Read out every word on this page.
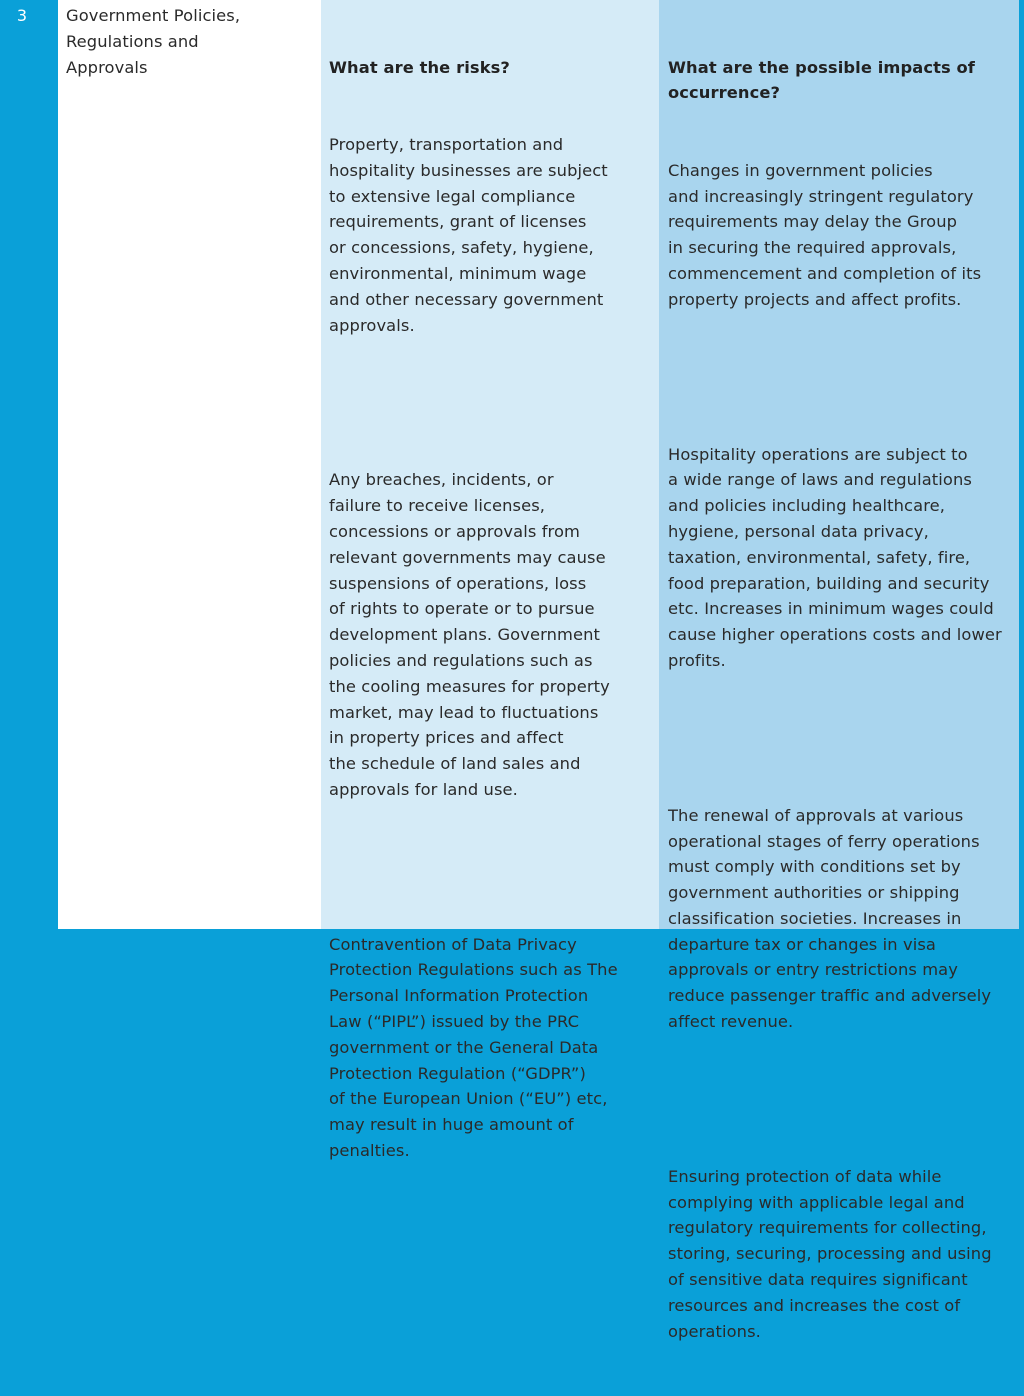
3	Government Policies,
Regulations and
Approvals

	What are the risks?

Property, transportation and
hospitality businesses are subject
to extensive legal compliance
requirements, grant of licenses
or concessions, safety, hygiene,
environmental, minimum wage
and other necessary government
approvals.

Any breaches, incidents, or
failure to receive licenses,
concessions or approvals from
relevant governments may cause
suspensions of operations, loss
of rights to operate or to pursue
development plans. Government
policies and regulations such as
the cooling measures for property
market, may lead to fluctuations
in property prices and affect
the schedule of land sales and
approvals for land use.

Contravention of Data Privacy
Protection Regulations such as The
Personal Information Protection
Law (“PIPL”) issued by the PRC
government or the General Data
Protection Regulation (“GDPR”)
of the European Union (“EU”) etc,
may result in huge amount of
penalties.

What are the possible impacts of
occurrence?

Changes in government policies
and increasingly stringent regulatory
requirements may delay the Group
in securing the required approvals,
commencement and completion of its
property projects and affect profits.

Hospitality operations are subject to
a wide range of laws and regulations
and policies including healthcare,
hygiene, personal data privacy,
taxation, environmental, safety, fire,
food preparation, building and security
etc. Increases in minimum wages could
cause higher operations costs and lower
profits.

The renewal of approvals at various
operational stages of ferry operations
must comply with conditions set by
government authorities or shipping
classification societies. Increases in
departure tax or changes in visa
approvals or entry restrictions may
reduce passenger traffic and adversely
affect revenue.

Ensuring protection of data while
complying with applicable legal and
regulatory requirements for collecting,
storing, securing, processing and using
of sensitive data requires significant
resources and increases the cost of
operations.
